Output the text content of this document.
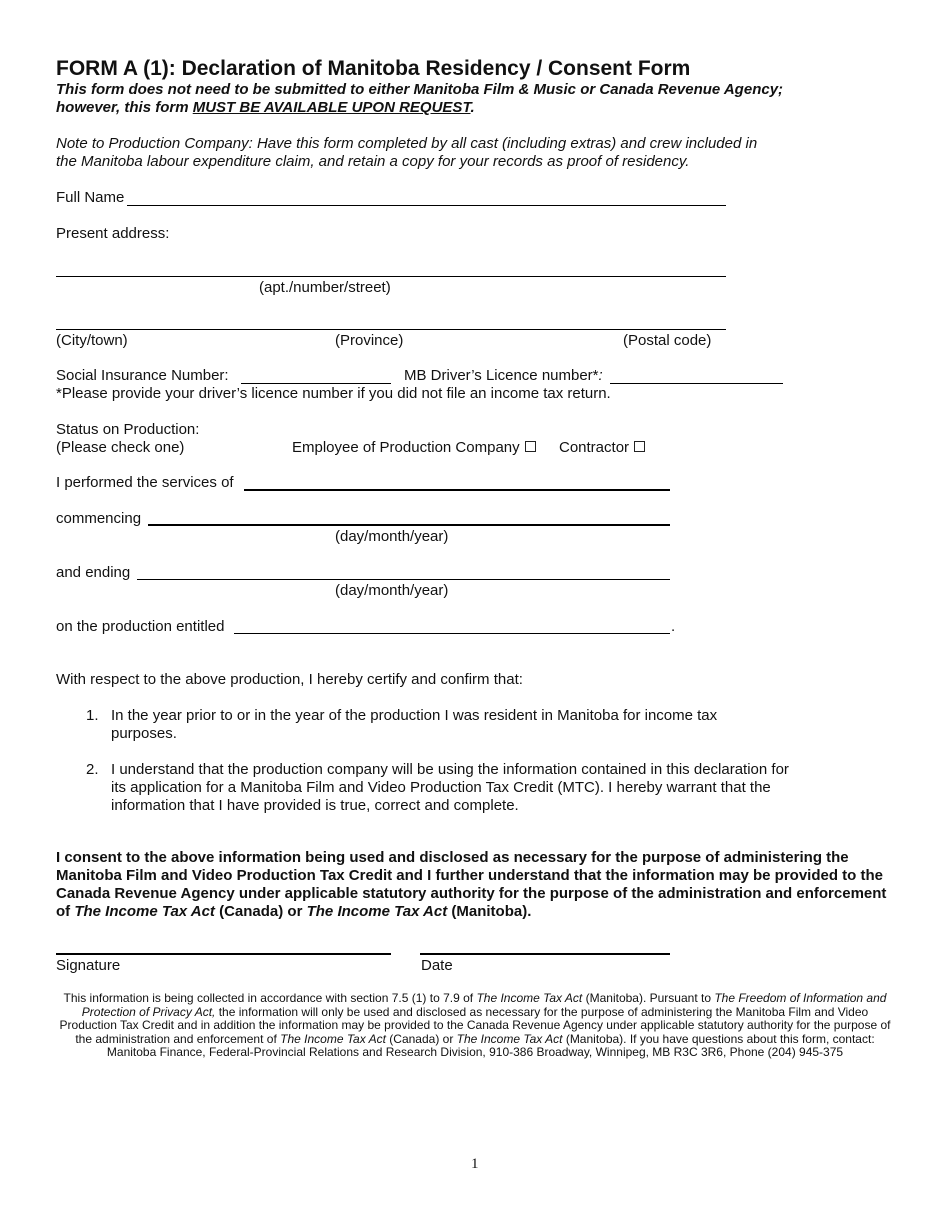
FORM A (1): Declaration of Manitoba Residency / Consent Form
This form does not need to be submitted to either Manitoba Film & Music or Canada Revenue Agency;
however, this form MUST BE AVAILABLE UPON REQUEST.
Note to Production Company: Have this form completed by all cast (including extras) and crew included in
the Manitoba labour expenditure claim, and retain a copy for your records as proof of residency.
Full Name
Present address:
(apt./number/street)
(City/town)	(Province)	(Postal code)
Social Insurance Number:	MB Driver’s Licence number*:
*Please provide your driver’s licence number if you did not file an income tax return.
Status on Production:
(Please check one)	Employee of Production Company	Contractor
I performed the services of
commencing
(day/month/year)
and ending
(day/month/year)
on the production entitled	.
With respect to the above production, I hereby certify and confirm that:
1. In the year prior to or in the year of the production I was resident in Manitoba for income tax purposes.
2. I understand that the production company will be using the information contained in this declaration for its application for a Manitoba Film and Video Production Tax Credit (MTC). I hereby warrant that the information that I have provided is true, correct and complete.
I consent to the above information being used and disclosed as necessary for the purpose of administering the Manitoba Film and Video Production Tax Credit and I further understand that the information may be provided to the Canada Revenue Agency under applicable statutory authority for the purpose of the administration and enforcement of The Income Tax Act (Canada) or The Income Tax Act (Manitoba).
Signature	Date
This information is being collected in accordance with section 7.5 (1) to 7.9 of The Income Tax Act (Manitoba). Pursuant to The Freedom of Information and Protection of Privacy Act, the information will only be used and disclosed as necessary for the purpose of administering the Manitoba Film and Video Production Tax Credit and in addition the information may be provided to the Canada Revenue Agency under applicable statutory authority for the purpose of the administration and enforcement of The Income Tax Act (Canada) or The Income Tax Act (Manitoba). If you have questions about this form, contact: Manitoba Finance, Federal-Provincial Relations and Research Division, 910-386 Broadway, Winnipeg, MB R3C 3R6, Phone (204) 945-375
1
